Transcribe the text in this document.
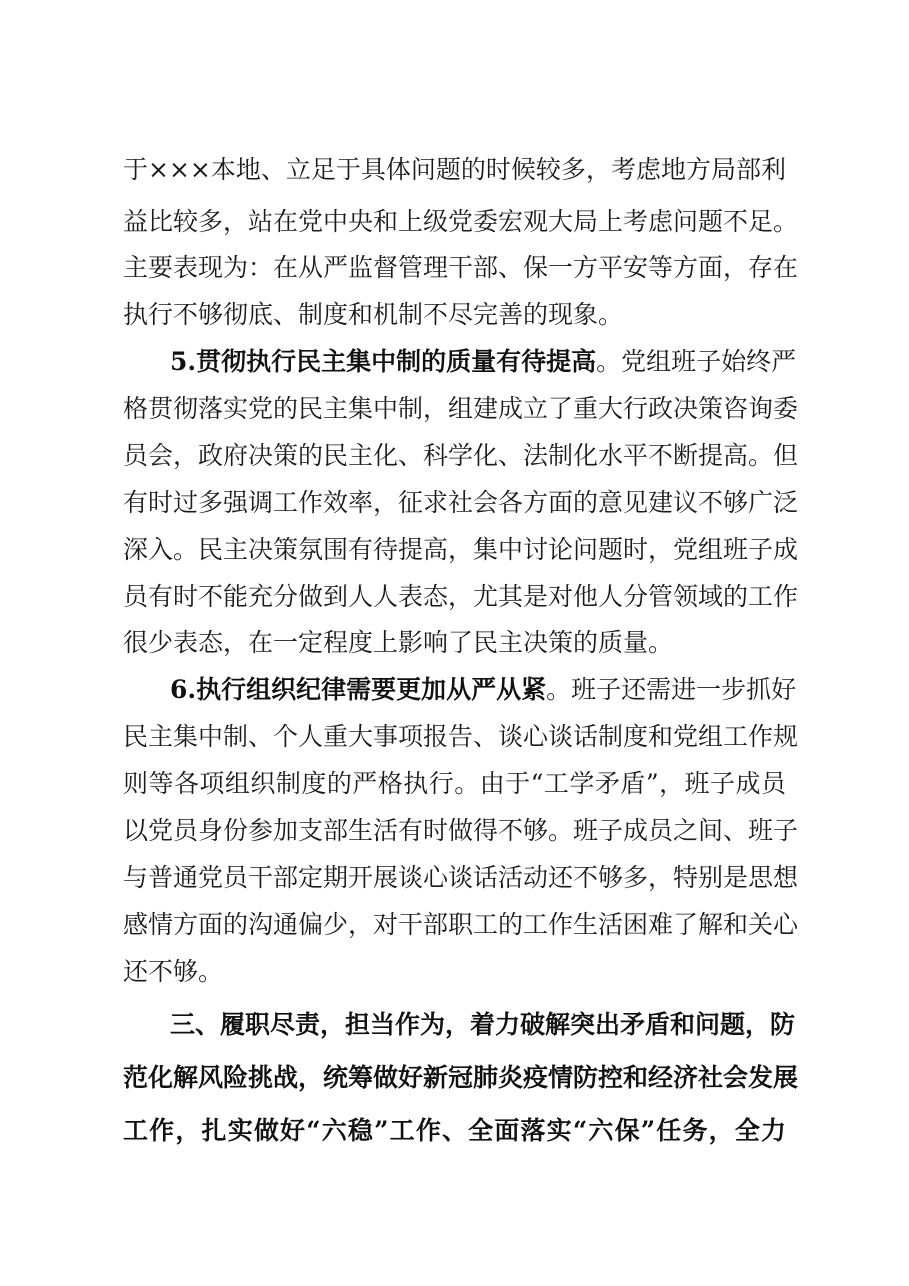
于×××本地、立足于具体问题的时候较多，考虑地方局部利
益比较多，站在党中央和上级党委宏观大局上考虑问题不足。
主要表现为：在从严监督管理干部、保一方平安等方面，存在
执行不够彻底、制度和机制不尽完善的现象。
5.贯彻执行民主集中制的质量有待提高。党组班子始终严
格贯彻落实党的民主集中制，组建成立了重大行政决策咨询委
员会，政府决策的民主化、科学化、法制化水平不断提高。但
有时过多强调工作效率，征求社会各方面的意见建议不够广泛
深入。民主决策氛围有待提高，集中讨论问题时，党组班子成
员有时不能充分做到人人表态，尤其是对他人分管领域的工作
很少表态，在一定程度上影响了民主决策的质量。
6.执行组织纪律需要更加从严从紧。班子还需进一步抓好
民主集中制、个人重大事项报告、谈心谈话制度和党组工作规
则等各项组织制度的严格执行。由于“工学矛盾”，班子成员
以党员身份参加支部生活有时做得不够。班子成员之间、班子
与普通党员干部定期开展谈心谈话活动还不够多，特别是思想
感情方面的沟通偏少，对干部职工的工作生活困难了解和关心
还不够。
三、履职尽责，担当作为，着力破解突出矛盾和问题，防
范化解风险挑战，统筹做好新冠肺炎疫情防控和经济社会发展
工作，扎实做好“六稳”工作、全面落实“六保”任务，全力
